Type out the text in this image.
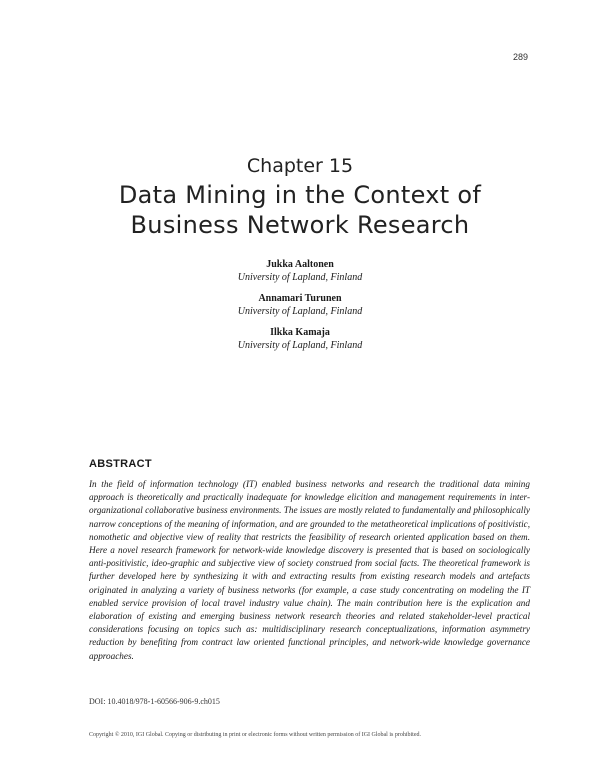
289
Chapter 15
Data Mining in the Context of
Business Network Research
Jukka Aaltonen
University of Lapland, Finland
Annamari Turunen
University of Lapland, Finland
Ilkka Kamaja
University of Lapland, Finland
ABSTRACT
In the field of information technology (IT) enabled business networks and research the traditional data mining approach is theoretically and practically inadequate for knowledge elicition and management requirements in inter-organizational collaborative business environments. The issues are mostly related to fundamentally and philosophically narrow conceptions of the meaning of information, and are grounded to the metatheoretical implications of positivistic, nomothetic and objective view of reality that restricts the feasibility of research oriented application based on them. Here a novel research framework for network-wide knowledge discovery is presented that is based on sociologically anti-positivistic, ideo-graphic and subjective view of society construed from social facts. The theoretical framework is further developed here by synthesizing it with and extracting results from existing research models and artefacts originated in analyzing a variety of business networks (for example, a case study concentrating on modeling the IT enabled service provision of local travel industry value chain). The main contribution here is the explication and elaboration of existing and emerging business network research theories and related stakeholder-level practical considerations focusing on topics such as: multidisciplinary research conceptualizations, information asymmetry reduction by benefiting from contract law oriented functional principles, and network-wide knowledge governance approaches.
DOI: 10.4018/978-1-60566-906-9.ch015
Copyright © 2010, IGI Global. Copying or distributing in print or electronic forms without written permission of IGI Global is prohibited.
